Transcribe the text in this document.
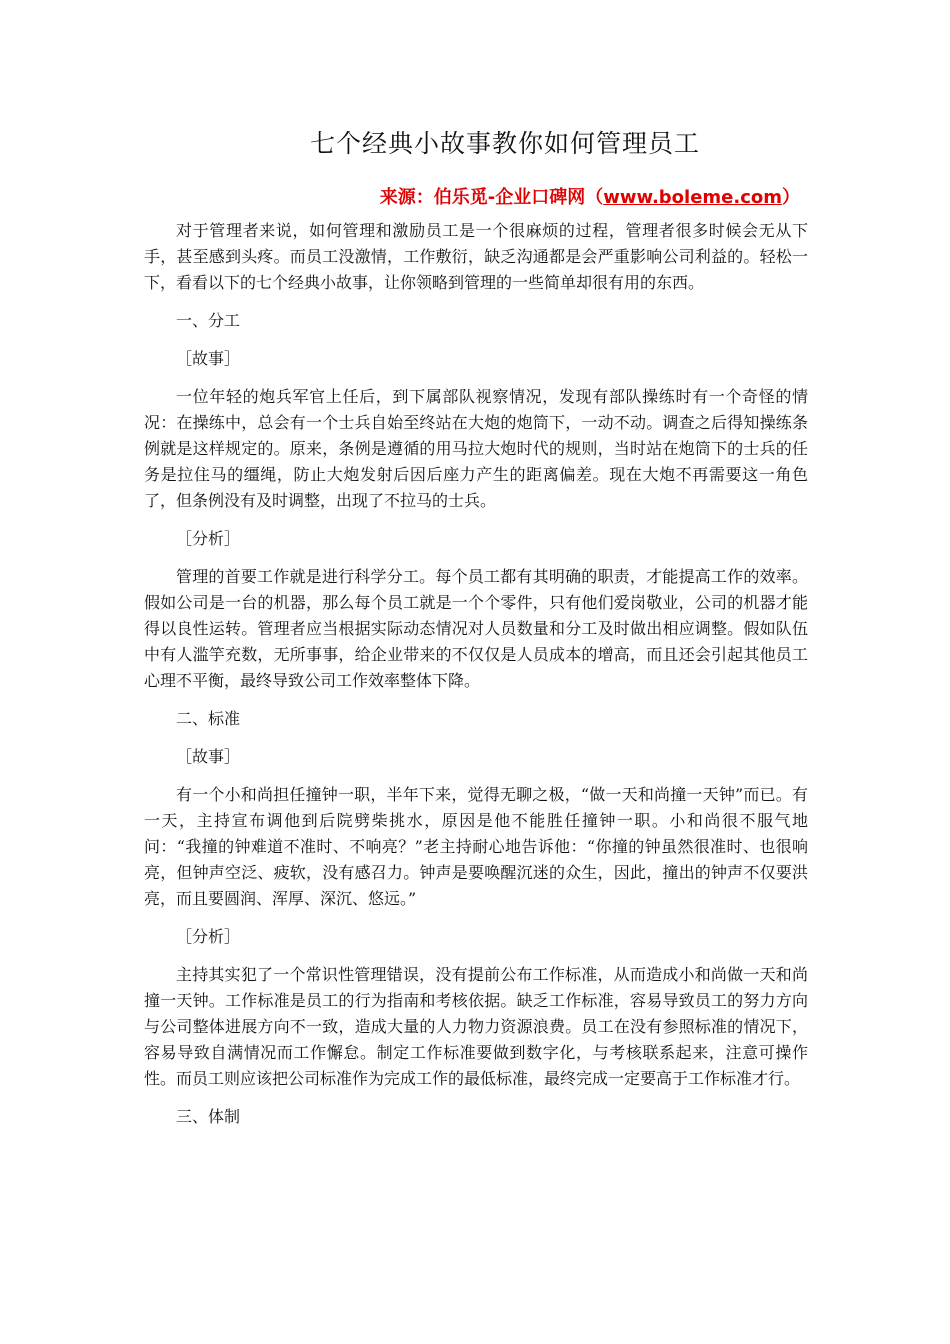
七个经典小故事教你如何管理员工
来源：伯乐觅-企业口碑网（www.boleme.com）

对于管理者来说，如何管理和激励员工是一个很麻烦的过程，管理者很多时候会无从下手，甚至感到头疼。而员工没激情，工作敷衍，缺乏沟通都是会严重影响公司利益的。轻松一下，看看以下的七个经典小故事，让你领略到管理的一些简单却很有用的东西。

一、分工

［故事］

一位年轻的炮兵军官上任后，到下属部队视察情况，发现有部队操练时有一个奇怪的情况：在操练中，总会有一个士兵自始至终站在大炮的炮筒下，一动不动。调查之后得知操练条例就是这样规定的。原来，条例是遵循的用马拉大炮时代的规则，当时站在炮筒下的士兵的任务是拉住马的缰绳，防止大炮发射后因后座力产生的距离偏差。现在大炮不再需要这一角色了，但条例没有及时调整，出现了不拉马的士兵。

［分析］

管理的首要工作就是进行科学分工。每个员工都有其明确的职责，才能提高工作的效率。假如公司是一台的机器，那么每个员工就是一个个零件，只有他们爱岗敬业，公司的机器才能得以良性运转。管理者应当根据实际动态情况对人员数量和分工及时做出相应调整。假如队伍中有人滥竽充数，无所事事，给企业带来的不仅仅是人员成本的增高，而且还会引起其他员工心理不平衡，最终导致公司工作效率整体下降。

二、标准

［故事］

有一个小和尚担任撞钟一职，半年下来，觉得无聊之极，“做一天和尚撞一天钟”而已。有一天，主持宣布调他到后院劈柴挑水，原因是他不能胜任撞钟一职。小和尚很不服气地问：“我撞的钟难道不准时、不响亮？”老主持耐心地告诉他：“你撞的钟虽然很准时、也很响亮，但钟声空泛、疲软，没有感召力。钟声是要唤醒沉迷的众生，因此，撞出的钟声不仅要洪亮，而且要圆润、浑厚、深沉、悠远。”

［分析］

主持其实犯了一个常识性管理错误，没有提前公布工作标准，从而造成小和尚做一天和尚撞一天钟。工作标准是员工的行为指南和考核依据。缺乏工作标准，容易导致员工的努力方向与公司整体进展方向不一致，造成大量的人力物力资源浪费。员工在没有参照标准的情况下，容易导致自满情况而工作懈怠。制定工作标准要做到数字化，与考核联系起来，注意可操作性。而员工则应该把公司标准作为完成工作的最低标准，最终完成一定要高于工作标准才行。

三、体制
